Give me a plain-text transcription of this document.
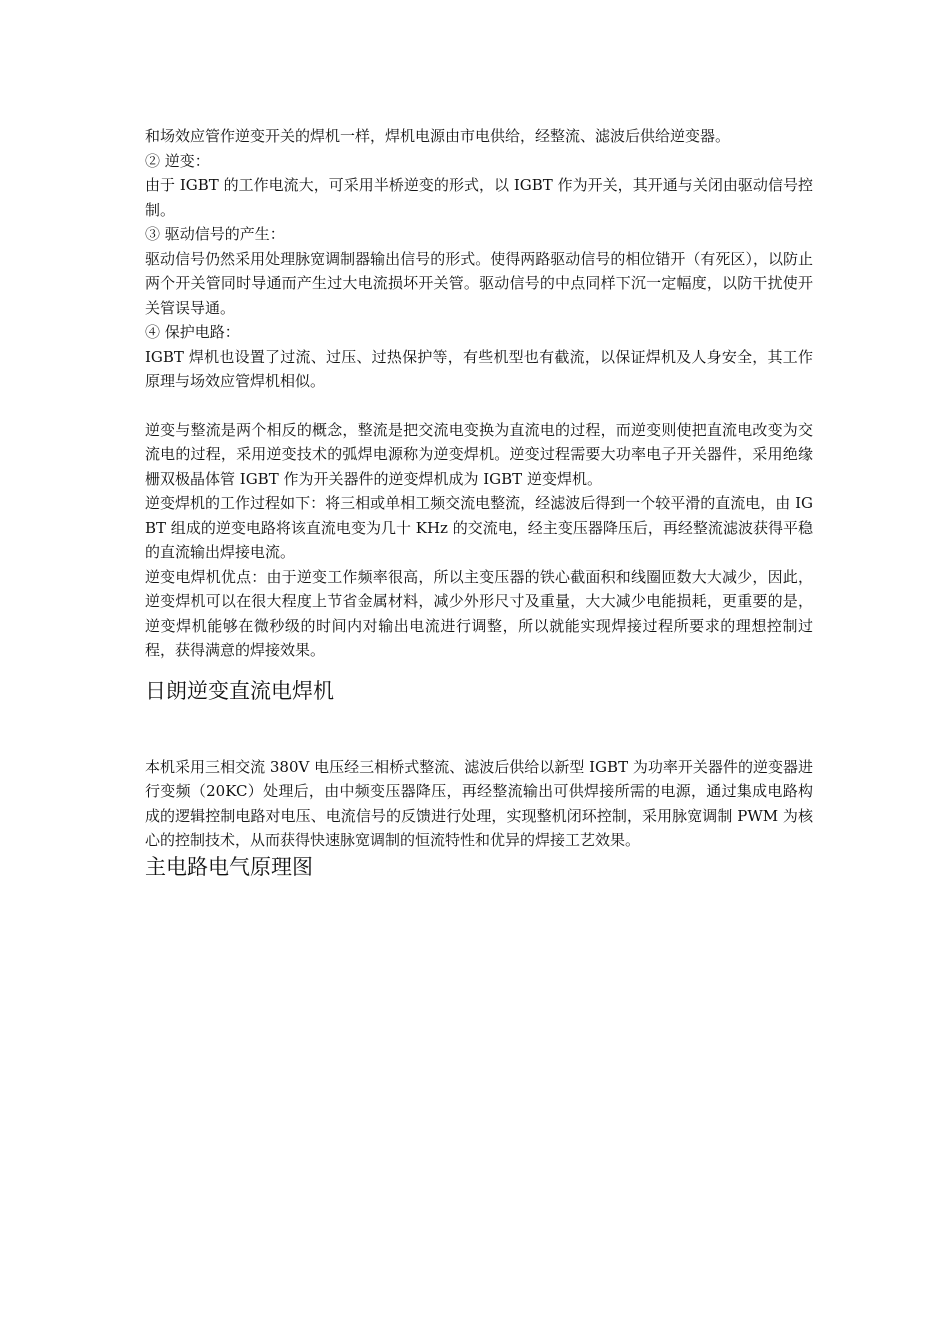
和场效应管作逆变开关的焊机一样，焊机电源由市电供给，经整流、滤波后供给逆变器。

② 逆变：

由于 IGBT 的工作电流大，可采用半桥逆变的形式，以 IGBT 作为开关，其开通与关闭由驱动信号控制。

③ 驱动信号的产生：

驱动信号仍然采用处理脉宽调制器输出信号的形式。使得两路驱动信号的相位错开（有死区），以防止两个开关管同时导通而产生过大电流损坏开关管。驱动信号的中点同样下沉一定幅度，以防干扰使开关管误导通。

④ 保护电路：

IGBT 焊机也设置了过流、过压、过热保护等，有些机型也有截流，以保证焊机及人身安全，其工作原理与场效应管焊机相似。

逆变与整流是两个相反的概念，整流是把交流电变换为直流电的过程，而逆变则使把直流电改变为交流电的过程，采用逆变技术的弧焊电源称为逆变焊机。逆变过程需要大功率电子开关器件，采用绝缘栅双极晶体管 IGBT 作为开关器件的逆变焊机成为 IGBT 逆变焊机。

逆变焊机的工作过程如下：将三相或单相工频交流电整流，经滤波后得到一个较平滑的直流电，由 IGBT 组成的逆变电路将该直流电变为几十 KHz 的交流电，经主变压器降压后，再经整流滤波获得平稳的直流输出焊接电流。

逆变电焊机优点：由于逆变工作频率很高，所以主变压器的铁心截面积和线圈匝数大大减少，因此，逆变焊机可以在很大程度上节省金属材料，减少外形尺寸及重量，大大减少电能损耗，更重要的是，逆变焊机能够在微秒级的时间内对输出电流进行调整，所以就能实现焊接过程所要求的理想控制过程，获得满意的焊接效果。

日朗逆变直流电焊机

本机采用三相交流 380V 电压经三相桥式整流、滤波后供给以新型 IGBT 为功率开关器件的逆变器进行变频（20KC）处理后，由中频变压器降压，再经整流输出可供焊接所需的电源，通过集成电路构成的逻辑控制电路对电压、电流信号的反馈进行处理，实现整机闭环控制，采用脉宽调制 PWM 为核心的控制技术，从而获得快速脉宽调制的恒流特性和优异的焊接工艺效果。

主电路电气原理图
